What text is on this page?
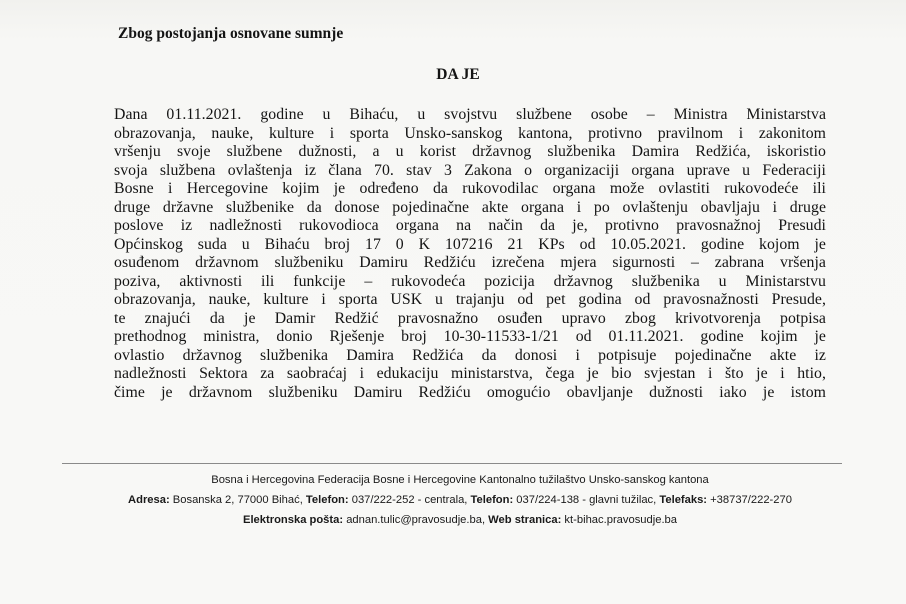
Zbog postojanja osnovane sumnje
DA JE
Dana 01.11.2021. godine u Bihaću, u svojstvu službene osobe – Ministra Ministarstva
obrazovanja, nauke, kulture i sporta Unsko-sanskog kantona, protivno pravilnom i zakonitom
vršenju svoje službene dužnosti, a u korist državnog službenika Damira Redžića, iskoristio
svoja službena ovlaštenja iz člana 70. stav 3 Zakona o organizaciji organa uprave u Federaciji
Bosne i Hercegovine kojim je određeno da rukovodilac organa može ovlastiti rukovodeće ili
druge državne službenike da donose pojedinačne akte organa i po ovlaštenju obavljaju i druge
poslove iz nadležnosti rukovodioca organa na način da je, protivno pravosnažnoj Presudi
Općinskog suda u Bihaću broj 17 0 K 107216 21 KPs od 10.05.2021. godine kojom je
osuđenom državnom službeniku Damiru Redžiću izrečena mjera sigurnosti – zabrana vršenja
poziva, aktivnosti ili funkcije – rukovodeća pozicija državnog službenika u Ministarstvu
obrazovanja, nauke, kulture i sporta USK u trajanju od pet godina od pravosnažnosti Presude,
te znajući da je Damir Redžić pravosnažno osuđen upravo zbog krivotvorenja potpisa
prethodnog ministra, donio Rješenje broj 10-30-11533-1/21 od 01.11.2021. godine kojim je
ovlastio državnog službenika Damira Redžića da donosi i potpisuje pojedinačne akte iz
nadležnosti Sektora za saobraćaj i edukaciju ministarstva, čega je bio svjestan i što je i htio,
čime je državnom službeniku Damiru Redžiću omogućio obavljanje dužnosti iako je istom
Bosna i Hercegovina Federacija Bosne i Hercegovine Kantonalno tužilaštvo Unsko-sanskog kantona
Adresa: Bosanska 2, 77000 Bihać, Telefon: 037/222-252 - centrala, Telefon: 037/224-138 - glavni tužilac, Telefaks: +38737/222-270
Elektronska pošta: adnan.tulic@pravosudje.ba, Web stranica: kt-bihac.pravosudje.ba
